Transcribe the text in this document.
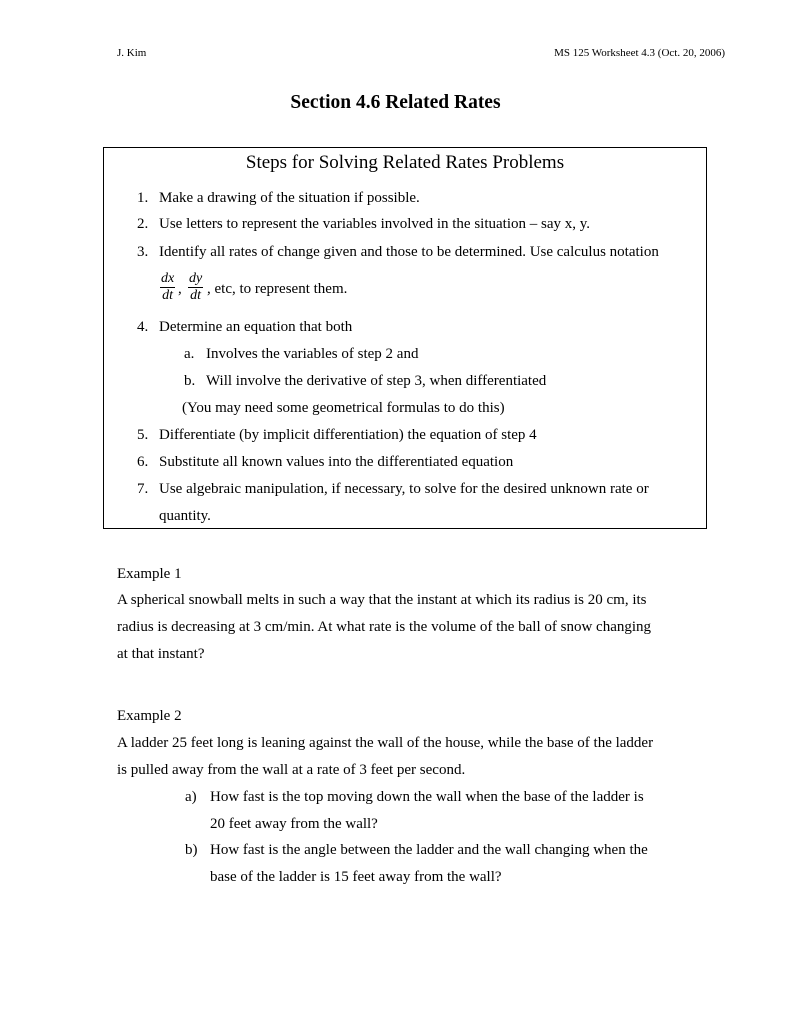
J. Kim	MS 125 Worksheet 4.3 (Oct. 20, 2006)
Section 4.6 Related Rates
Steps for Solving Related Rates Problems
1. Make a drawing of the situation if possible.
2. Use letters to represent the variables involved in the situation – say x, y.
3. Identify all rates of change given and those to be determined. Use calculus notation
$\frac{dx}{dt}$ , $\frac{dy}{dt}$ , etc, to represent them.
4. Determine an equation that both
a. Involves the variables of step 2 and
b. Will involve the derivative of step 3, when differentiated
(You may need some geometrical formulas to do this)
5. Differentiate (by implicit differentiation) the equation of step 4
6. Substitute all known values into the differentiated equation
7. Use algebraic manipulation, if necessary, to solve for the desired unknown rate or
quantity.
Example 1
A spherical snowball melts in such a way that the instant at which its radius is 20 cm, its
radius is decreasing at 3 cm/min. At what rate is the volume of the ball of snow changing
at that instant?
Example 2
A ladder 25 feet long is leaning against the wall of the house, while the base of the ladder
is pulled away from the wall at a rate of 3 feet per second.
a) How fast is the top moving down the wall when the base of the ladder is
20 feet away from the wall?
b) How fast is the angle between the ladder and the wall changing when the
base of the ladder is 15 feet away from the wall?
